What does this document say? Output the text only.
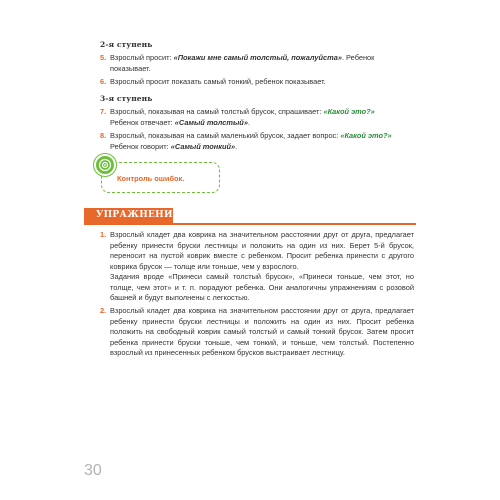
2-я ступень
5. Взрослый просит: «Покажи мне самый толстый, пожалуйста». Ребенок показывает.
6. Взрослый просит показать самый тонкий, ребенок показывает.
3-я ступень
7. Взрослый, показывая на самый толстый брусок, спрашивает: «Какой это?»
Ребенок отвечает: «Самый толстый».
8. Взрослый, показывая на самый маленький брусок, задает вопрос: «Какой это?»
Ребенок говорит: «Самый тонкий».
Контроль ошибок.
УПРАЖНЕНИЯ
1. Взрослый кладет два коврика на значительном расстоянии друг от друга, предлагает ребенку принести бруски лестницы и положить на один из них. Берет 5-й брусок, переносит на пустой коврик вместе с ребенком. Просит ребенка принести с другого коврика брусок — толще или тоньше, чем у взрослого.
Задания вроде «Принеси самый толстый брусок», «Принеси тоньше, чем этот, но толще, чем этот» и т. п. порадуют ребенка. Они аналогичны упражнениям с розовой башней и будут выполнены с легкостью.
2. Взрослый кладет два коврика на значительном расстоянии друг от друга, предлагает ребенку принести бруски лестницы и положить на один из них. Просит ребенка положить на свободный коврик самый толстый и самый тонкий брусок. Затем просит ребенка принести бруски тоньше, чем тонкий, и тоньше, чем толстый. Постепенно взрослый из принесенных ребенком брусков выстраивает лестницу.
30
